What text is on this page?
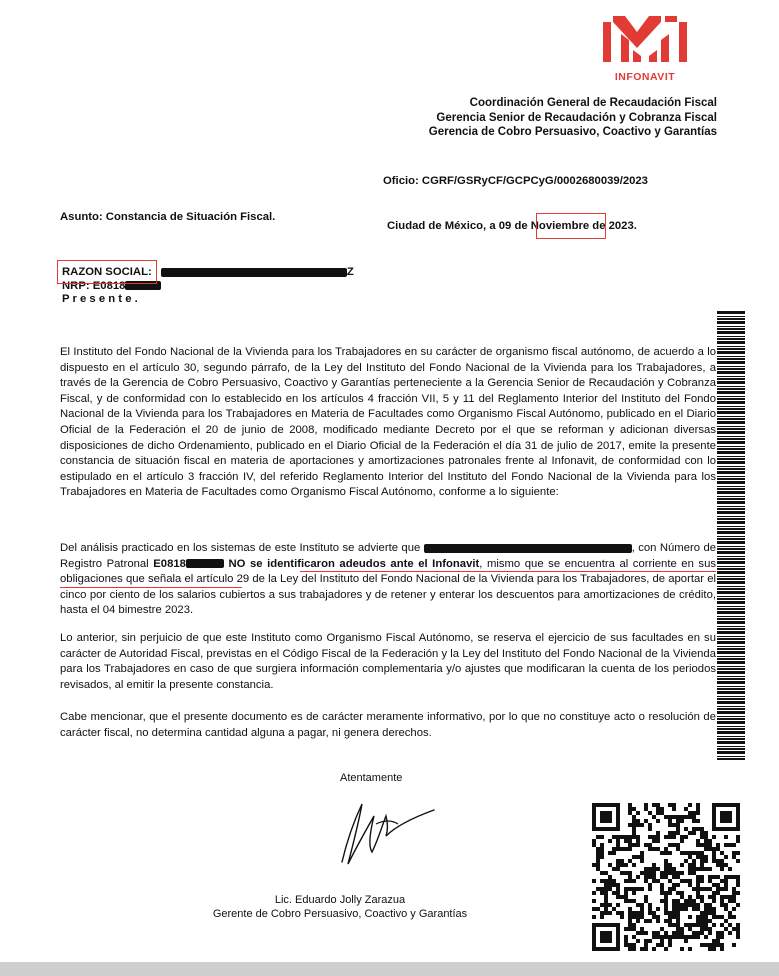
INFONAVIT
Coordinación General de Recaudación Fiscal
Gerencia Senior de Recaudación y Cobranza Fiscal
Gerencia de Cobro Persuasivo, Coactivo y Garantías
Oficio: CGRF/GSRyCF/GCPCyG/0002680039/2023
Asunto: Constancia de Situación Fiscal.
Ciudad de México, a 09 de Noviembre de 2023.
RAZON SOCIAL:	Z
NRP: E0818
P r e s e n t e .
El Instituto del Fondo Nacional de la Vivienda para los Trabajadores en su carácter de organismo fiscal autónomo, de acuerdo a lo dispuesto en el artículo 30, segundo párrafo, de la Ley del Instituto del Fondo Nacional de la Vivienda para los Trabajadores, a través de la Gerencia de Cobro Persuasivo, Coactivo y Garantías perteneciente a la Gerencia Senior de Recaudación y Cobranza Fiscal, y de conformidad con lo establecido en los artículos 4 fracción VII, 5 y 11 del Reglamento Interior del Instituto del Fondo Nacional de la Vivienda para los Trabajadores en Materia de Facultades como Organismo Fiscal Autónomo, publicado en el Diario Oficial de la Federación el 20 de junio de 2008, modificado mediante Decreto por el que se reforman y adicionan diversas disposiciones de dicho Ordenamiento, publicado en el Diario Oficial de la Federación el día 31 de julio de 2017, emite la presente constancia de situación fiscal en materia de aportaciones y amortizaciones patronales frente al Infonavit, de conformidad con lo estipulado en el artículo 3 fracción IV, del referido Reglamento Interior del Instituto del Fondo Nacional de la Vivienda para los Trabajadores en Materia de Facultades como Organismo Fiscal Autónomo, conforme a lo siguiente:
Del análisis practicado en los sistemas de este Instituto se advierte que	, con Número de Registro Patronal E0818	NO se identificaron adeudos ante el Infonavit, mismo que se encuentra al corriente en sus obligaciones que señala el artículo 29 de la Ley del Instituto del Fondo Nacional de la Vivienda para los Trabajadores, de aportar el cinco por ciento de los salarios cubiertos a sus trabajadores y de retener y enterar los descuentos para amortizaciones de crédito, hasta el 04 bimestre 2023.
Lo anterior, sin perjuicio de que este Instituto como Organismo Fiscal Autónomo, se reserva el ejercicio de sus facultades en su carácter de Autoridad Fiscal, previstas en el Código Fiscal de la Federación y la Ley del Instituto del Fondo Nacional de la Vivienda para los Trabajadores en caso de que surgiera información complementaria y/o ajustes que modificaran la cuenta de los periodos revisados, al emitir la presente constancia.
Cabe mencionar, que el presente documento es de carácter meramente informativo, por lo que no constituye acto o resolución de carácter fiscal, no determina cantidad alguna a pagar, ni genera derechos.
Atentamente
Lic. Eduardo Jolly Zarazua
Gerente de Cobro Persuasivo, Coactivo y Garantías
